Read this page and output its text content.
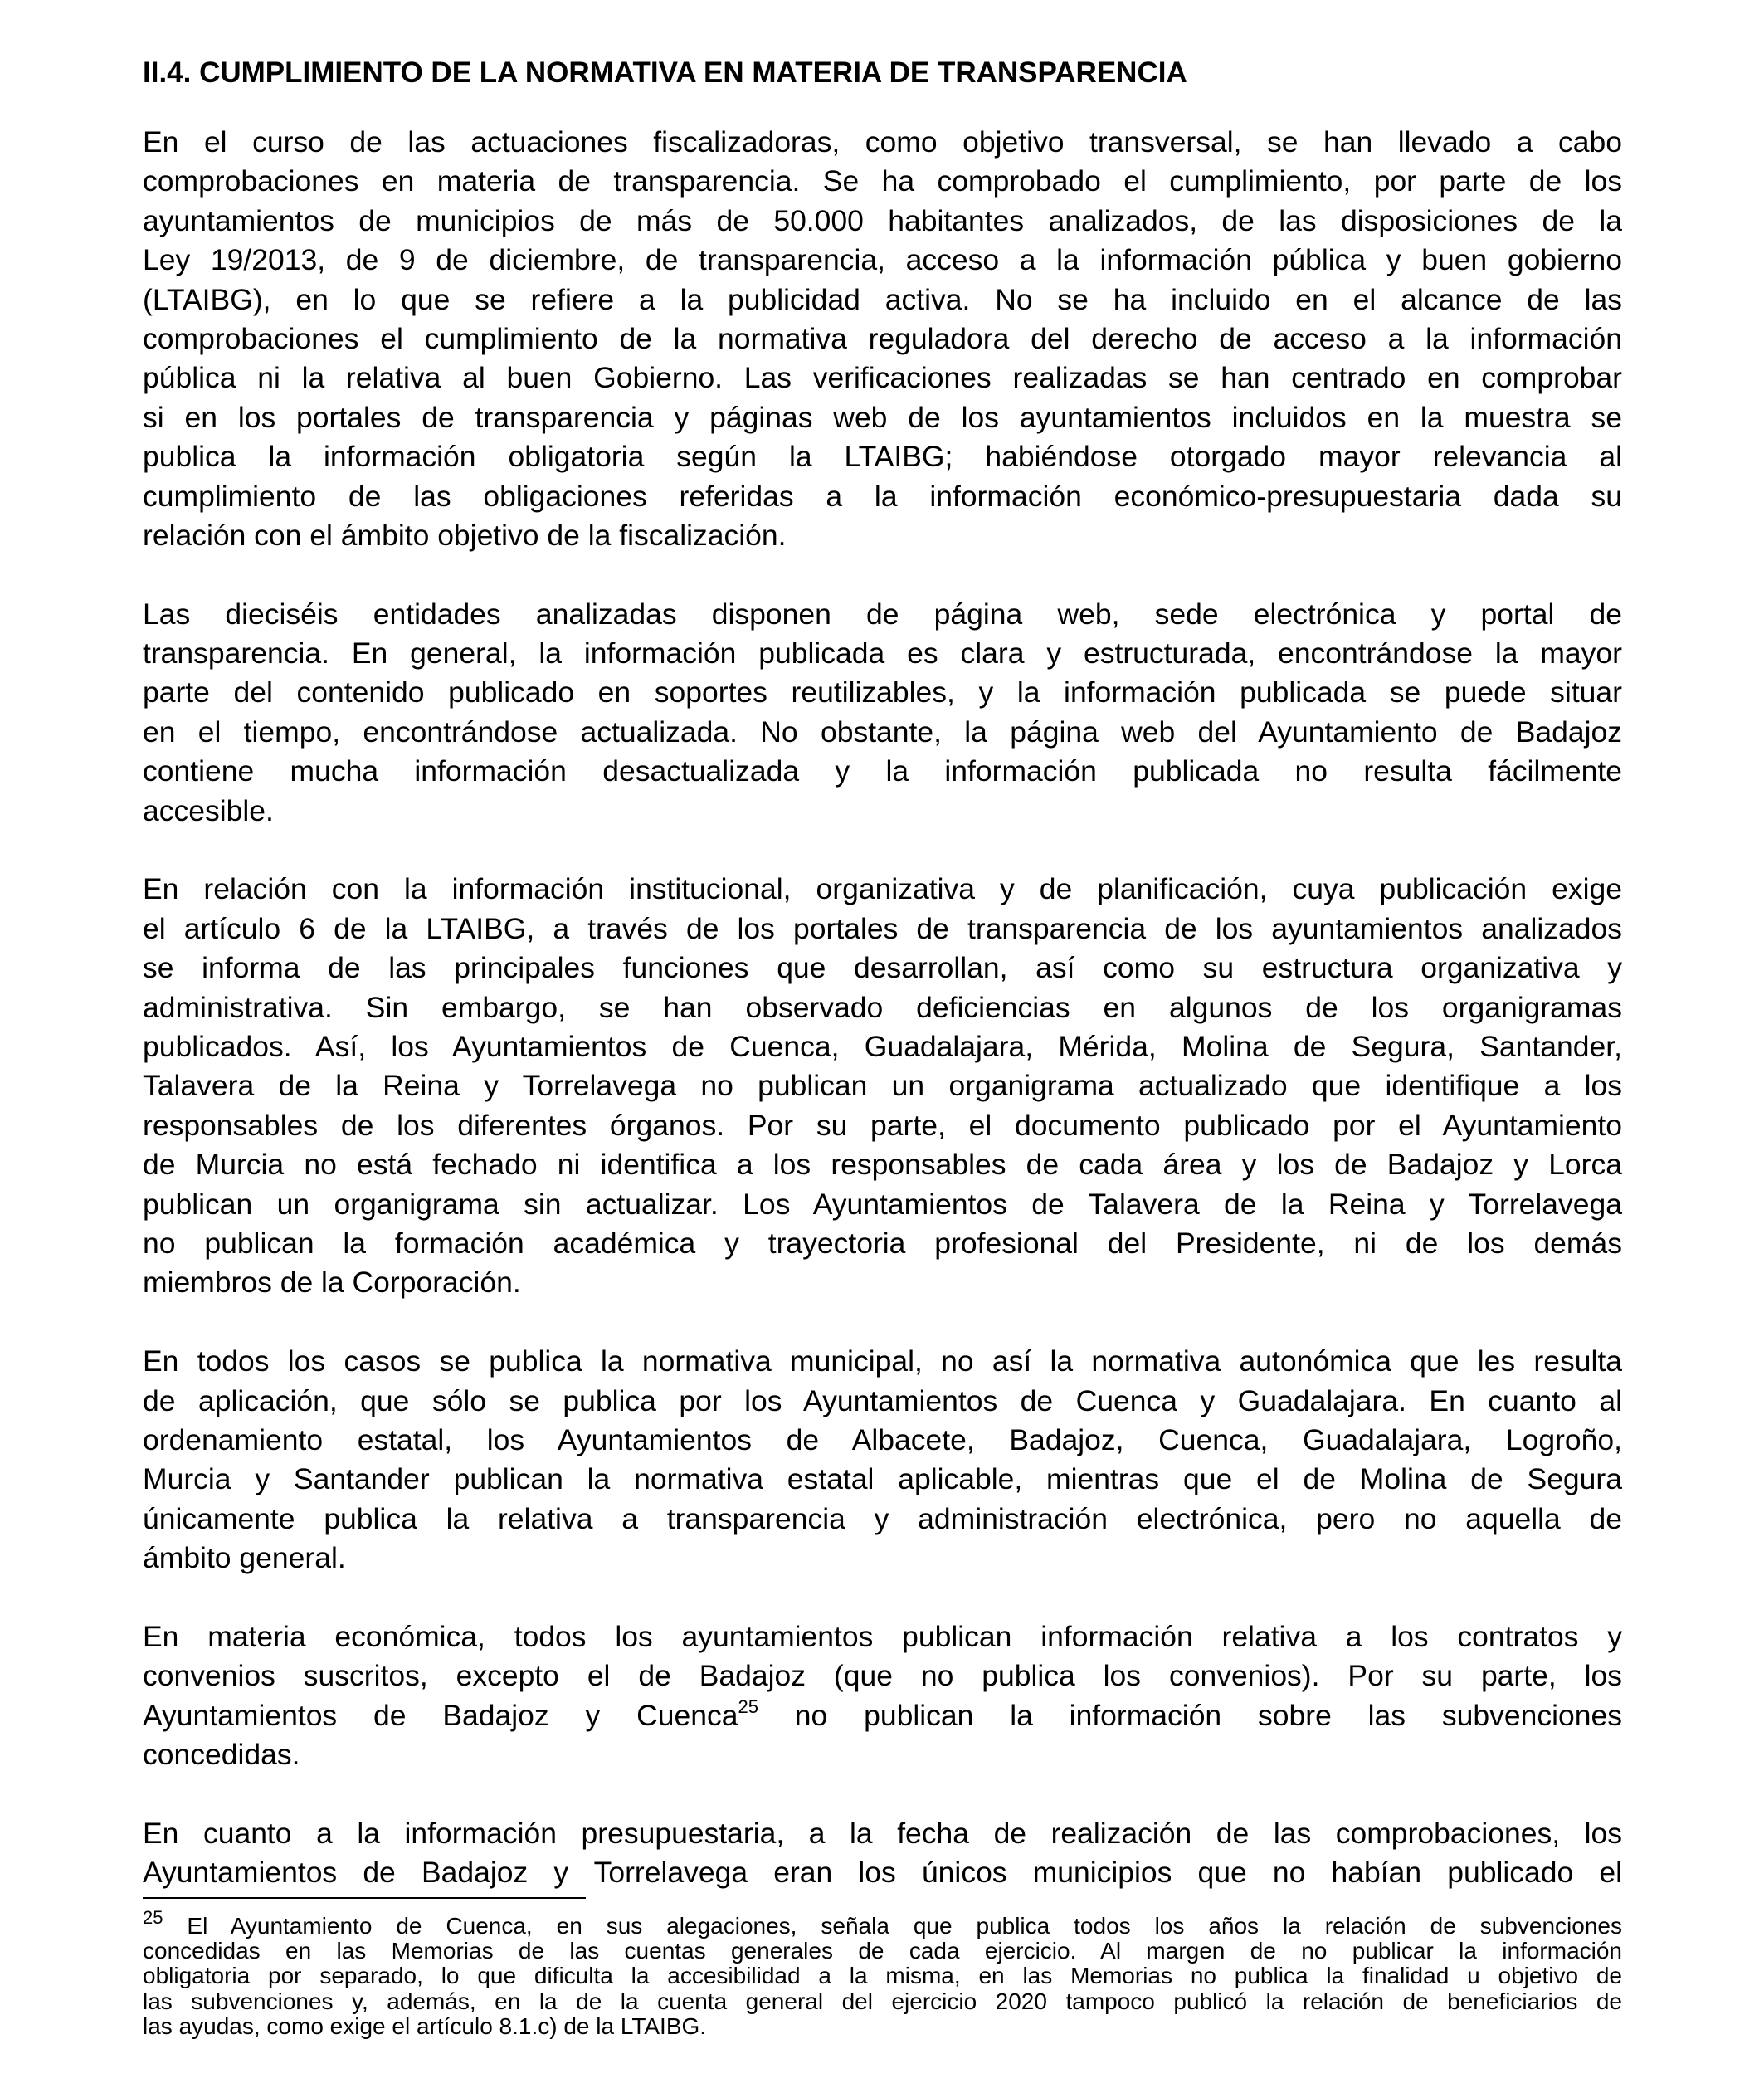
II.4. CUMPLIMIENTO DE LA NORMATIVA EN MATERIA DE TRANSPARENCIA

En el curso de las actuaciones fiscalizadoras, como objetivo transversal, se han llevado a cabo
comprobaciones en materia de transparencia. Se ha comprobado el cumplimiento, por parte de los
ayuntamientos de municipios de más de 50.000 habitantes analizados, de las disposiciones de la
Ley 19/2013, de 9 de diciembre, de transparencia, acceso a la información pública y buen gobierno
(LTAIBG), en lo que se refiere a la publicidad activa. No se ha incluido en el alcance de las
comprobaciones el cumplimiento de la normativa reguladora del derecho de acceso a la información
pública ni la relativa al buen Gobierno. Las verificaciones realizadas se han centrado en comprobar
si en los portales de transparencia y páginas web de los ayuntamientos incluidos en la muestra se
publica la información obligatoria según la LTAIBG; habiéndose otorgado mayor relevancia al
cumplimiento de las obligaciones referidas a la información económico-presupuestaria dada su
relación con el ámbito objetivo de la fiscalización.

Las dieciséis entidades analizadas disponen de página web, sede electrónica y portal de
transparencia. En general, la información publicada es clara y estructurada, encontrándose la mayor
parte del contenido publicado en soportes reutilizables, y la información publicada se puede situar
en el tiempo, encontrándose actualizada. No obstante, la página web del Ayuntamiento de Badajoz
contiene mucha información desactualizada y la información publicada no resulta fácilmente
accesible.

En relación con la información institucional, organizativa y de planificación, cuya publicación exige
el artículo 6 de la LTAIBG, a través de los portales de transparencia de los ayuntamientos analizados
se informa de las principales funciones que desarrollan, así como su estructura organizativa y
administrativa. Sin embargo, se han observado deficiencias en algunos de los organigramas
publicados. Así, los Ayuntamientos de Cuenca, Guadalajara, Mérida, Molina de Segura, Santander,
Talavera de la Reina y Torrelavega no publican un organigrama actualizado que identifique a los
responsables de los diferentes órganos. Por su parte, el documento publicado por el Ayuntamiento
de Murcia no está fechado ni identifica a los responsables de cada área y los de Badajoz y Lorca
publican un organigrama sin actualizar. Los Ayuntamientos de Talavera de la Reina y Torrelavega
no publican la formación académica y trayectoria profesional del Presidente, ni de los demás
miembros de la Corporación.

En todos los casos se publica la normativa municipal, no así la normativa autonómica que les resulta
de aplicación, que sólo se publica por los Ayuntamientos de Cuenca y Guadalajara. En cuanto al
ordenamiento estatal, los Ayuntamientos de Albacete, Badajoz, Cuenca, Guadalajara, Logroño,
Murcia y Santander publican la normativa estatal aplicable, mientras que el de Molina de Segura
únicamente publica la relativa a transparencia y administración electrónica, pero no aquella de
ámbito general.

En materia económica, todos los ayuntamientos publican información relativa a los contratos y
convenios suscritos, excepto el de Badajoz (que no publica los convenios). Por su parte, los
Ayuntamientos de Badajoz y Cuenca$^{25}$ no publican la información sobre las subvenciones
concedidas.

En cuanto a la información presupuestaria, a la fecha de realización de las comprobaciones, los
Ayuntamientos de Badajoz y Torrelavega eran los únicos municipios que no habían publicado el

$^{25}$ El Ayuntamiento de Cuenca, en sus alegaciones, señala que publica todos los años la relación de subvenciones
concedidas en las Memorias de las cuentas generales de cada ejercicio. Al margen de no publicar la información
obligatoria por separado, lo que dificulta la accesibilidad a la misma, en las Memorias no publica la finalidad u objetivo de
las subvenciones y, además, en la de la cuenta general del ejercicio 2020 tampoco publicó la relación de beneficiarios de
las ayudas, como exige el artículo 8.1.c) de la LTAIBG.
